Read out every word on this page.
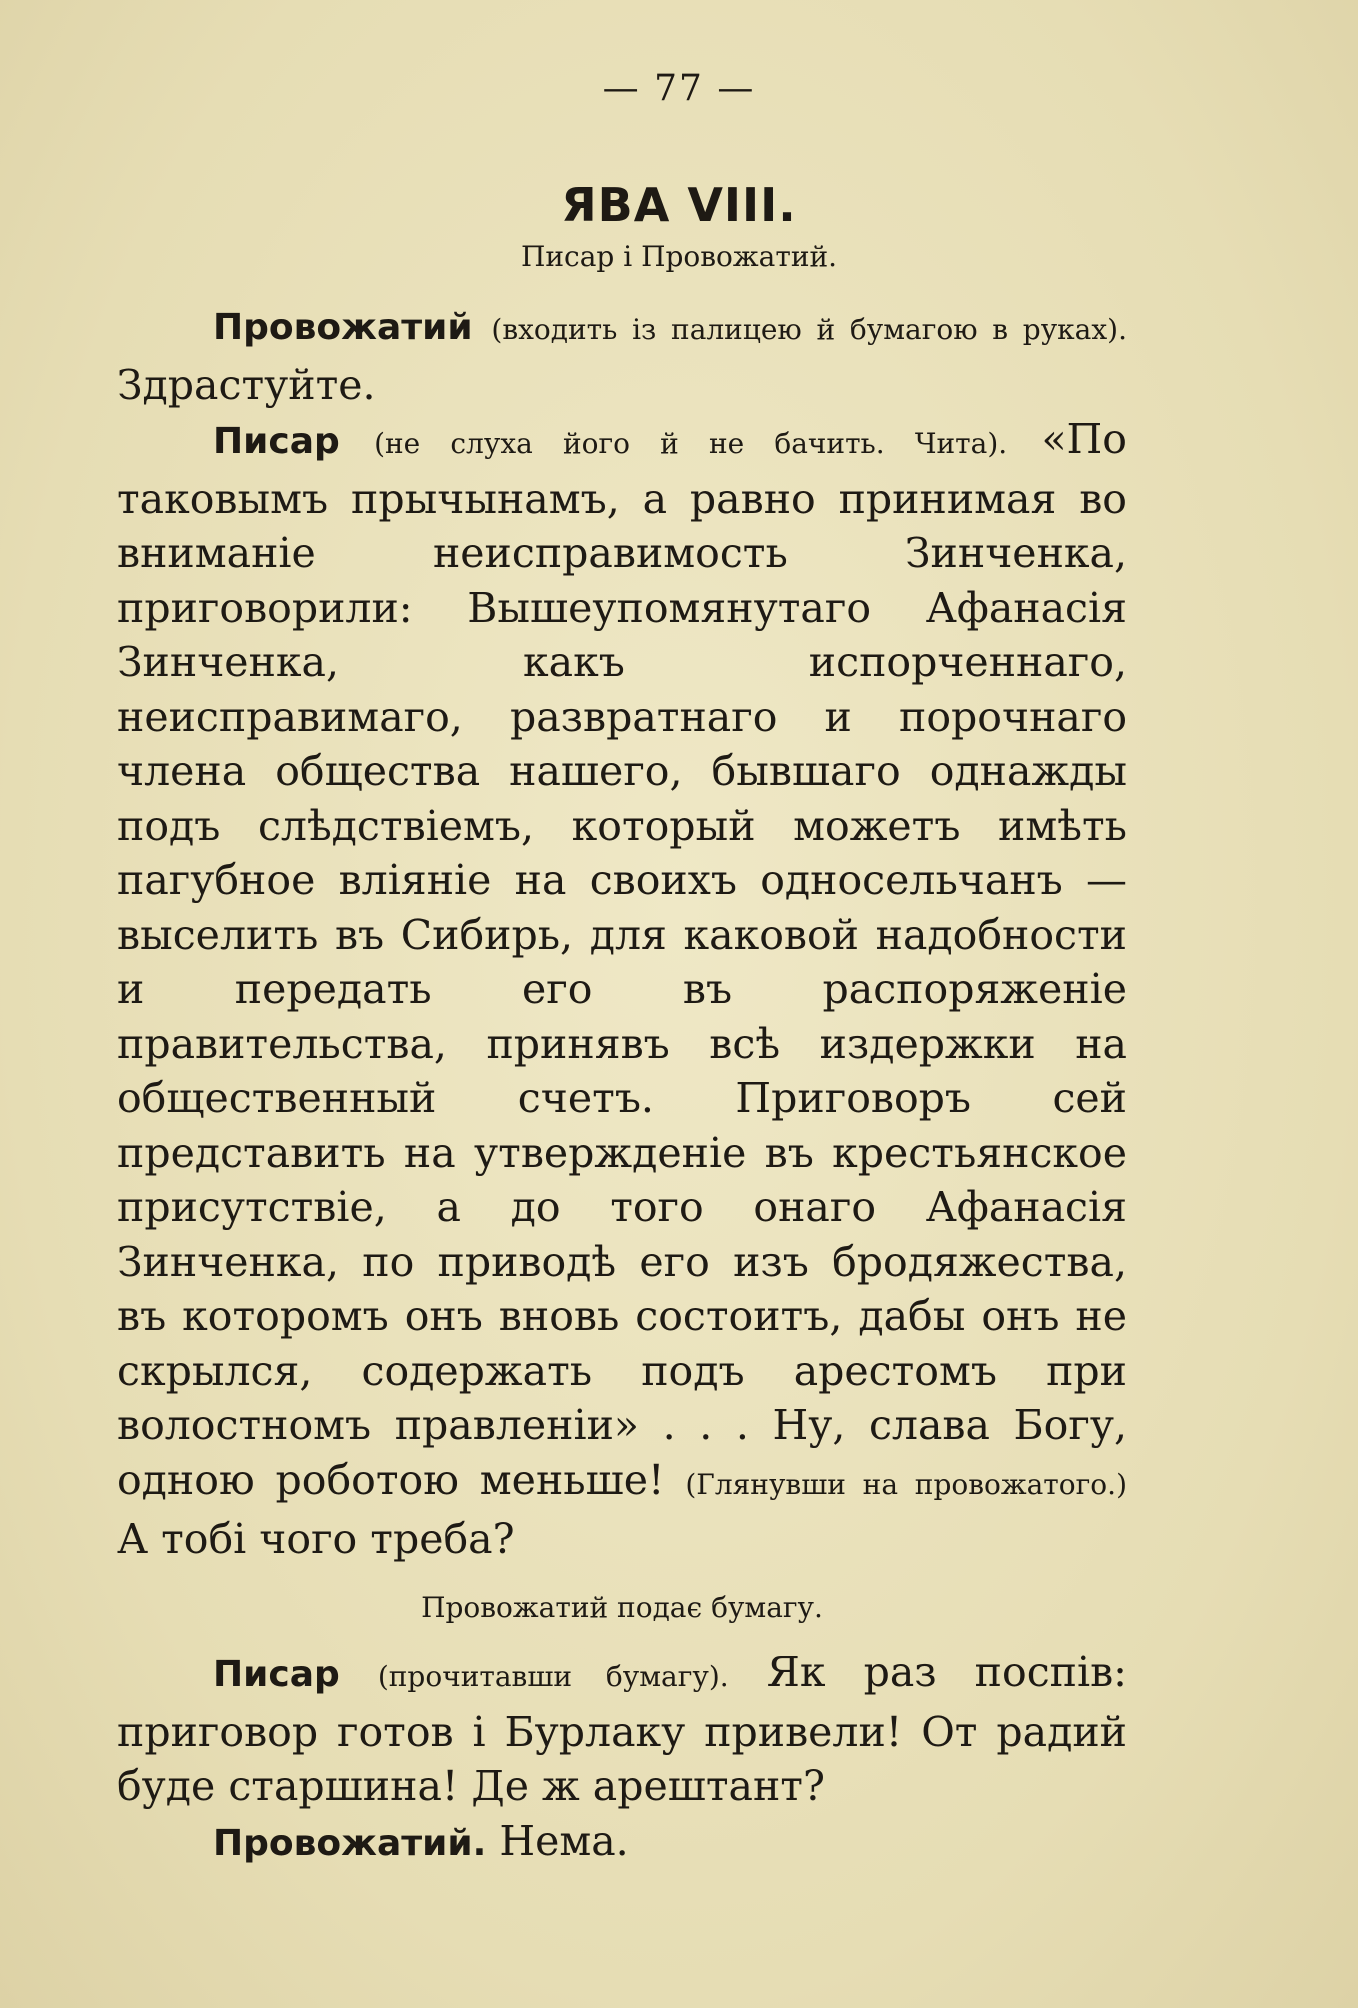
— 77 —
ЯВА VIII.
Писар і Провожатий.

Провожатий (входить із палицею й бумагою в руках). Здрастуйте.

Писар (не слуха його й не бачить. Чита). «По таковымъ прычынамъ, а равно принимая во вниманіе неисправимость Зинченка, приговорили: Вышеупомянутаго Афанасія Зинченка, какъ испорченнаго, неисправимаго, развратнаго и порочнаго члена общества нашего, бывшаго однажды подъ слѣдствіемъ, который можетъ имѣть пагубное вліяніе на своихъ односельчанъ — выселить въ Сибирь, для каковой надобности и передать его въ распоряженіе правительства, принявъ всѣ издержки на общественный счетъ. Приговоръ сей представить на утвержденіе въ крестьянское присутствіе, а до того онаго Афанасія Зинченка, по приводѣ его изъ бродяжества, въ которомъ онъ вновь состоитъ, дабы онъ не скрылся, содержать подъ арестомъ при волостномъ правленіи» . . . Ну, слава Богу, одною роботою меньше! (Глянувши на провожатого.) А тобі чого треба?

Провожатий подає бумагу.

Писар (прочитавши бумагу). Як раз поспів: приговор готов і Бурлаку привели! От радий буде старшина! Де ж арештант?

Провожатий. Нема.
